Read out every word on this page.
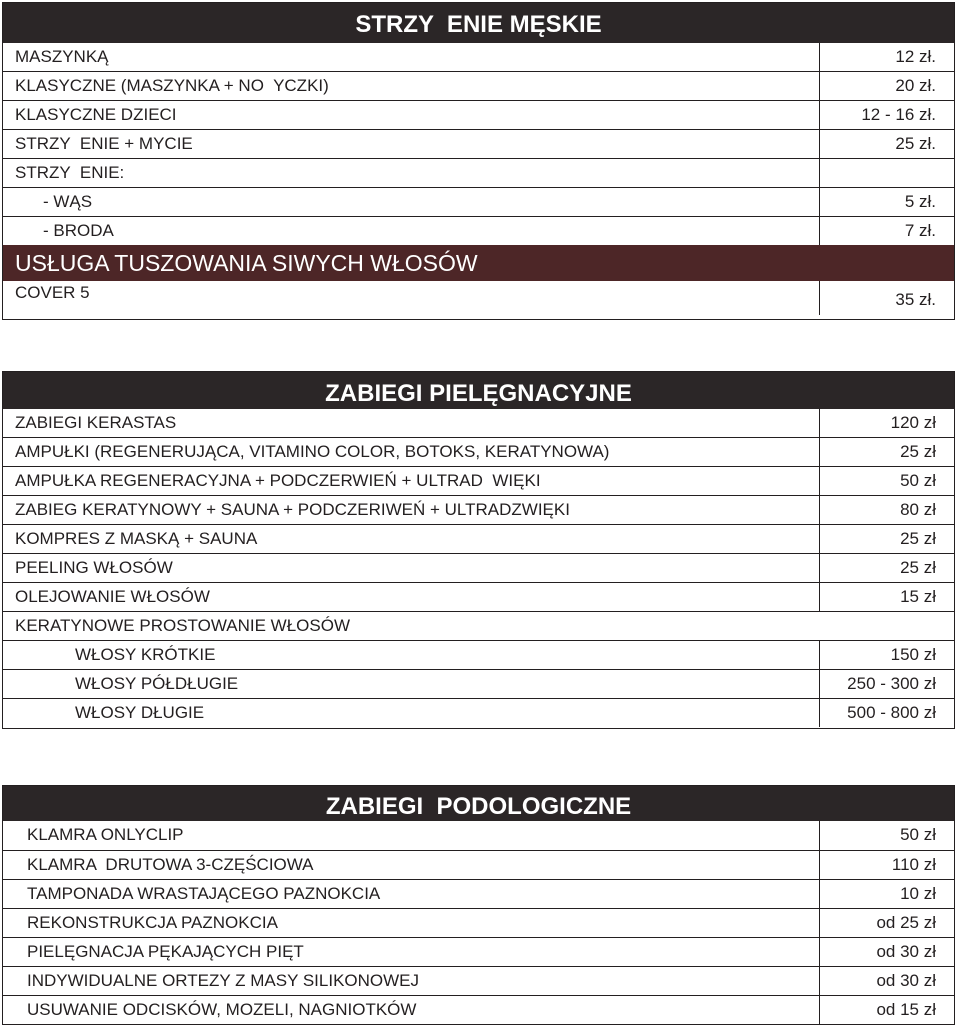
STRZY  ENIE MĘSKIE
MASZYNKĄ	12 zł.
KLASYCZNE (MASZYNKA + NO  YCZKI)	20 zł.
KLASYCZNE DZIECI	12 - 16 zł.
STRZY  ENIE + MYCIE	25 zł.
STRZY  ENIE:
- WĄS	5 zł.
- BRODA	7 zł.
USŁUGA TUSZOWANIA SIWYCH WŁOSÓW
COVER 5	35 zł.
ZABIEGI PIELĘGNACYJNE
ZABIEGI KERASTAS	120 zł
AMPUŁKI (REGENERUJĄCA, VITAMINO COLOR, BOTOKS, KERATYNOWA)	25 zł
AMPUŁKA REGENERACYJNA + PODCZERWIEŃ + ULTRAD  WIĘKI	50 zł
ZABIEG KERATYNOWY + SAUNA + PODCZERIWEŃ + ULTRADZWIĘKI	80 zł
KOMPRES Z MASKĄ + SAUNA	25 zł
PEELING WŁOSÓW	25 zł
OLEJOWANIE WŁOSÓW	15 zł
KERATYNOWE PROSTOWANIE WŁOSÓW
WŁOSY KRÓTKIE	150 zł
WŁOSY PÓŁDŁUGIE	250 - 300 zł
WŁOSY DŁUGIE	500 - 800 zł
ZABIEGI  PODOLOGICZNE
KLAMRA ONLYCLIP	50 zł
KLAMRA  DRUTOWA 3-CZĘŚCIOWA	110 zł
TAMPONADA WRASTAJĄCEGO PAZNOKCIA	10 zł
REKONSTRUKCJA PAZNOKCIA	od 25 zł
PIELĘGNACJA PĘKAJĄCYCH PIĘT	od 30 zł
INDYWIDUALNE ORTEZY Z MASY SILIKONOWEJ	od 30 zł
USUWANIE ODCISKÓW, MOZELI, NAGNIOTKÓW	od 15 zł
